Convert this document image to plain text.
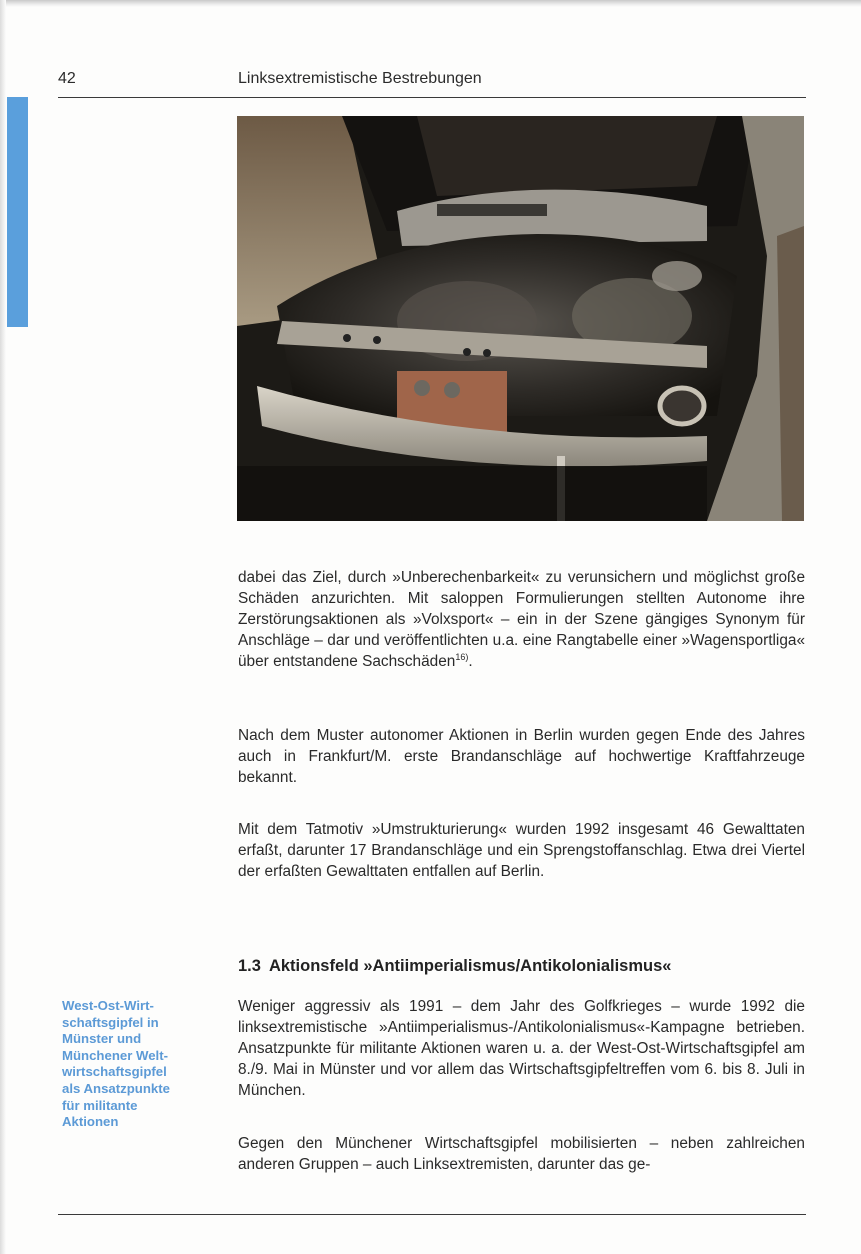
42	Linksextremistische Bestrebungen

dabei das Ziel, durch »Unberechenbarkeit« zu verunsichern und möglichst große Schäden anzurichten. Mit saloppen Formulierungen stellten Autonome ihre Zerstörungsaktionen als »Volxsport« – ein in der Szene gängiges Synonym für Anschläge – dar und veröffentlichten u.a. eine Rangtabelle einer »Wagensportliga« über entstandene Sachschäden$^{16)}$.

Nach dem Muster autonomer Aktionen in Berlin wurden gegen Ende des Jahres auch in Frankfurt/M. erste Brandanschläge auf hochwertige Kraftfahrzeuge bekannt.

Mit dem Tatmotiv »Umstrukturierung« wurden 1992 insgesamt 46 Gewalttaten erfaßt, darunter 17 Brandanschläge und ein Sprengstoffanschlag. Etwa drei Viertel der erfaßten Gewalttaten entfallen auf Berlin.

1.3 Aktionsfeld »Antiimperialismus/Antikolonialismus«
West-Ost-Wirt-
schaftsgipfel in
Münster und
Münchener Welt-
wirtschaftsgipfel
als Ansatzpunkte
für militante
Aktionen

Weniger aggressiv als 1991 – dem Jahr des Golfkrieges – wurde 1992 die linksextremistische »Antiimperialismus-/Antikolonialismus«-Kampagne betrieben. Ansatzpunkte für militante Aktionen waren u. a. der West-Ost-Wirtschaftsgipfel am 8./9. Mai in Münster und vor allem das Wirtschaftsgipfeltreffen vom 6. bis 8. Juli in München.

Gegen den Münchener Wirtschaftsgipfel mobilisierten – neben zahlreichen anderen Gruppen – auch Linksextremisten, darunter das ge-
